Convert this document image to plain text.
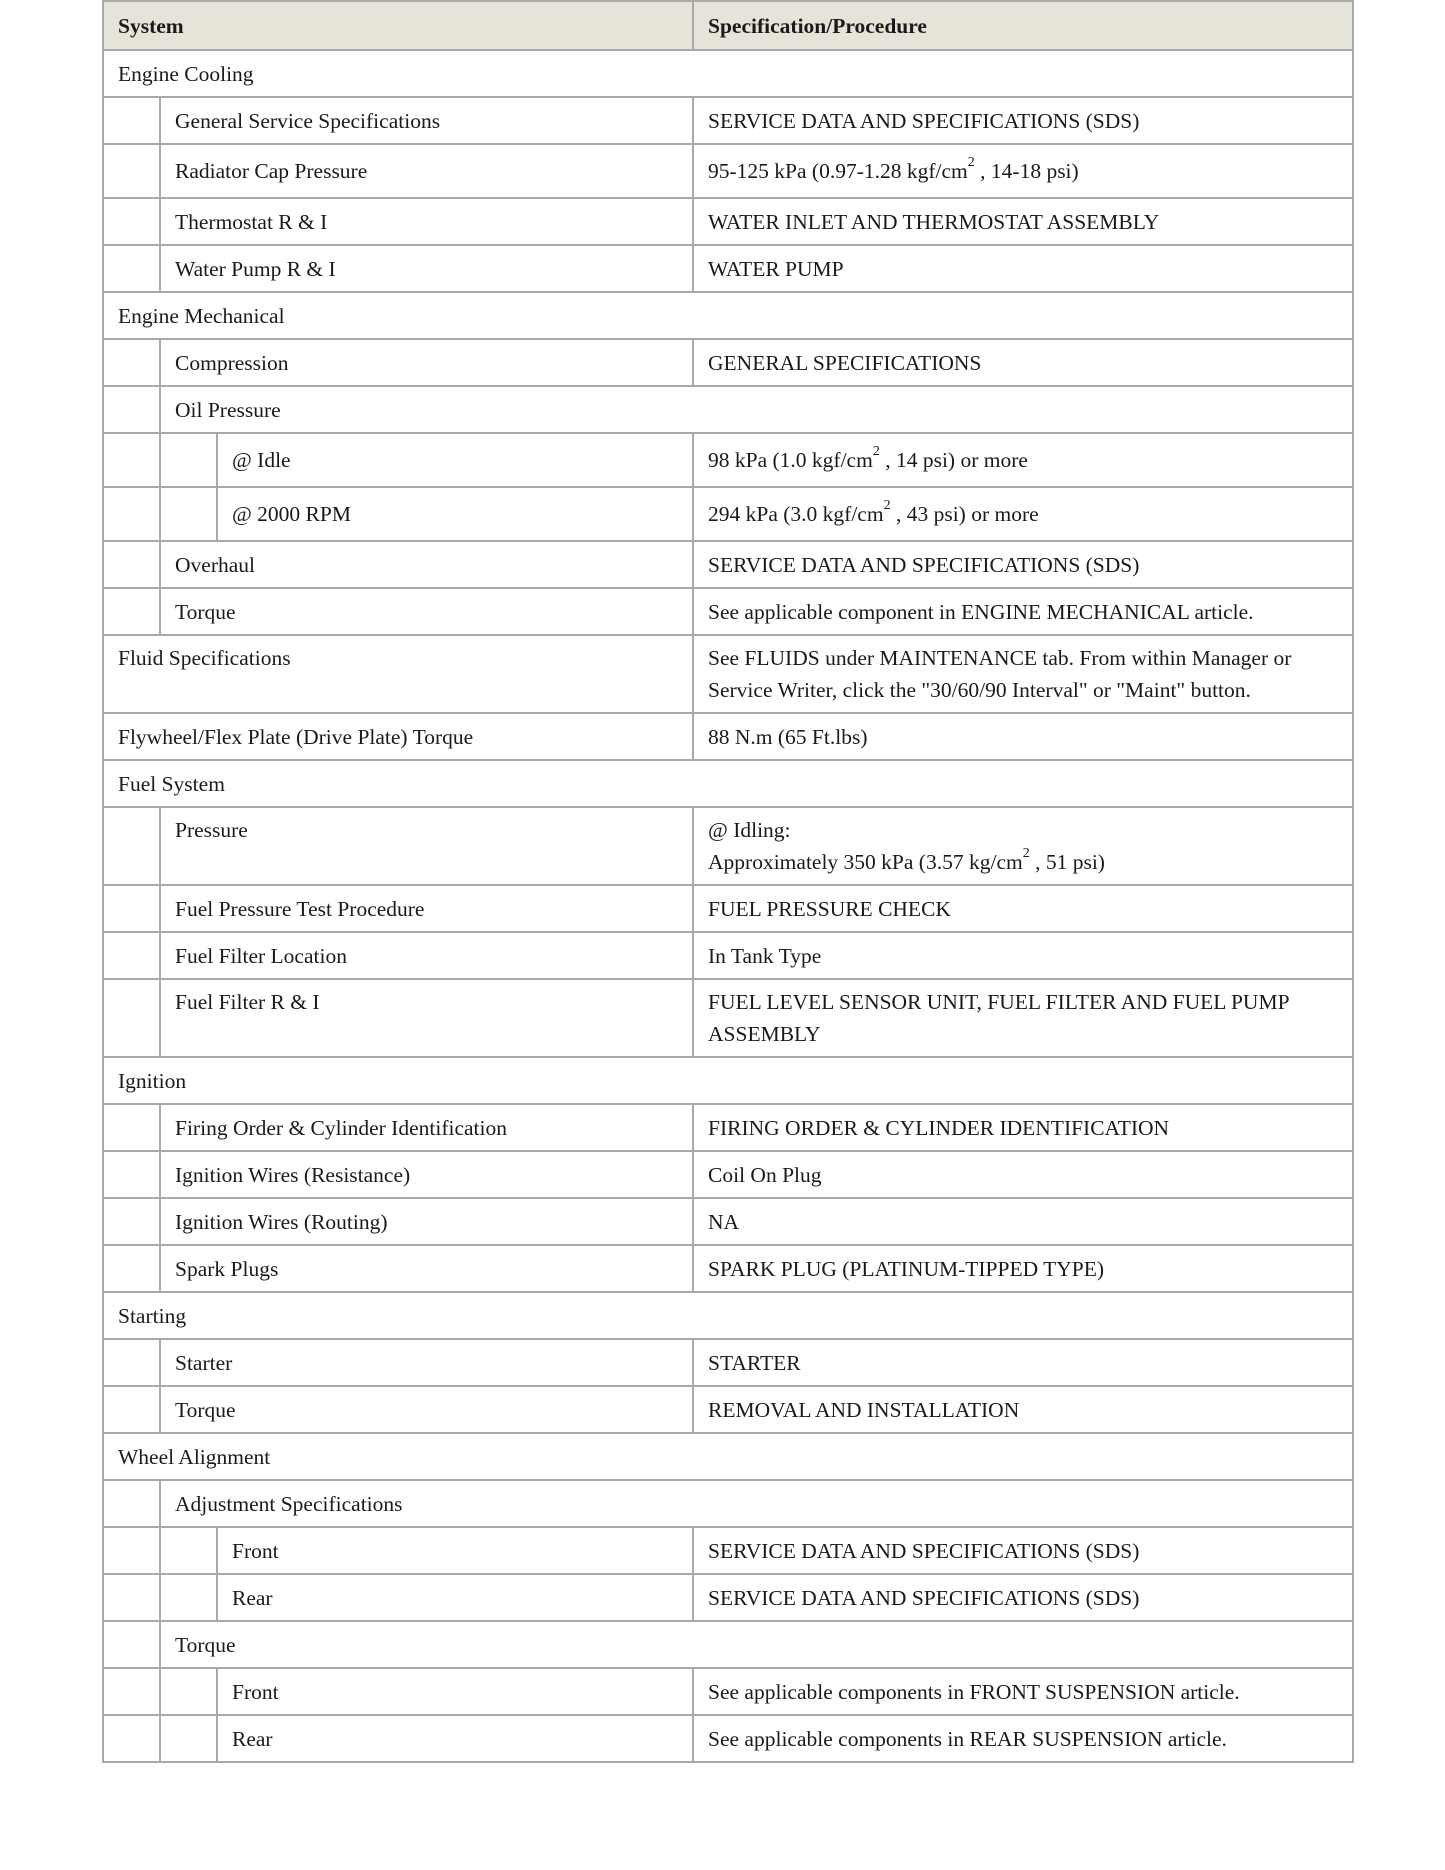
System			Specification/Procedure
Engine Cooling			
	General Service Specifications		SERVICE DATA AND SPECIFICATIONS (SDS)
	Radiator Cap Pressure		95-125 kPa (0.97-1.28 kgf/$cm^2$ , 14-18 psi)
	Thermostat R & I		WATER INLET AND THERMOSTAT ASSEMBLY
	Water Pump R & I		WATER PUMP
Engine Mechanical			
	Compression		GENERAL SPECIFICATIONS
	Oil Pressure		
		@ Idle	98 kPa (1.0 kgf/$cm^2$ , 14 psi) or more
		@ 2000 RPM	294 kPa (3.0 kgf/$cm^2$ , 43 psi) or more
	Overhaul		SERVICE DATA AND SPECIFICATIONS (SDS)
	Torque		See applicable component in ENGINE MECHANICAL article.
Fluid Specifications			See FLUIDS under MAINTENANCE tab. From within Manager or
Service Writer, click the "30/60/90 Interval" or "Maint" button.

Flywheel/Flex Plate (Drive Plate) Torque			88 N.m (65 Ft.lbs)
Fuel System			
	Pressure		@ Idling:
Approximately 350 kPa (3.57 $kg/cm^2$ , 51 psi)

	Fuel Pressure Test Procedure		FUEL PRESSURE CHECK
	Fuel Filter Location		In Tank Type
	Fuel Filter R & I		FUEL LEVEL SENSOR UNIT, FUEL FILTER AND FUEL PUMP
ASSEMBLY

Ignition			
	Firing Order & Cylinder Identification		FIRING ORDER & CYLINDER IDENTIFICATION
	Ignition Wires (Resistance)		Coil On Plug
	Ignition Wires (Routing)		NA
	Spark Plugs		SPARK PLUG (PLATINUM-TIPPED TYPE)
Starting			
	Starter		STARTER
	Torque		REMOVAL AND INSTALLATION
Wheel Alignment			
	Adjustment Specifications		
		Front	SERVICE DATA AND SPECIFICATIONS (SDS)
		Rear	SERVICE DATA AND SPECIFICATIONS (SDS)
	Torque		
		Front	See applicable components in FRONT SUSPENSION article.
		Rear	See applicable components in REAR SUSPENSION article.
